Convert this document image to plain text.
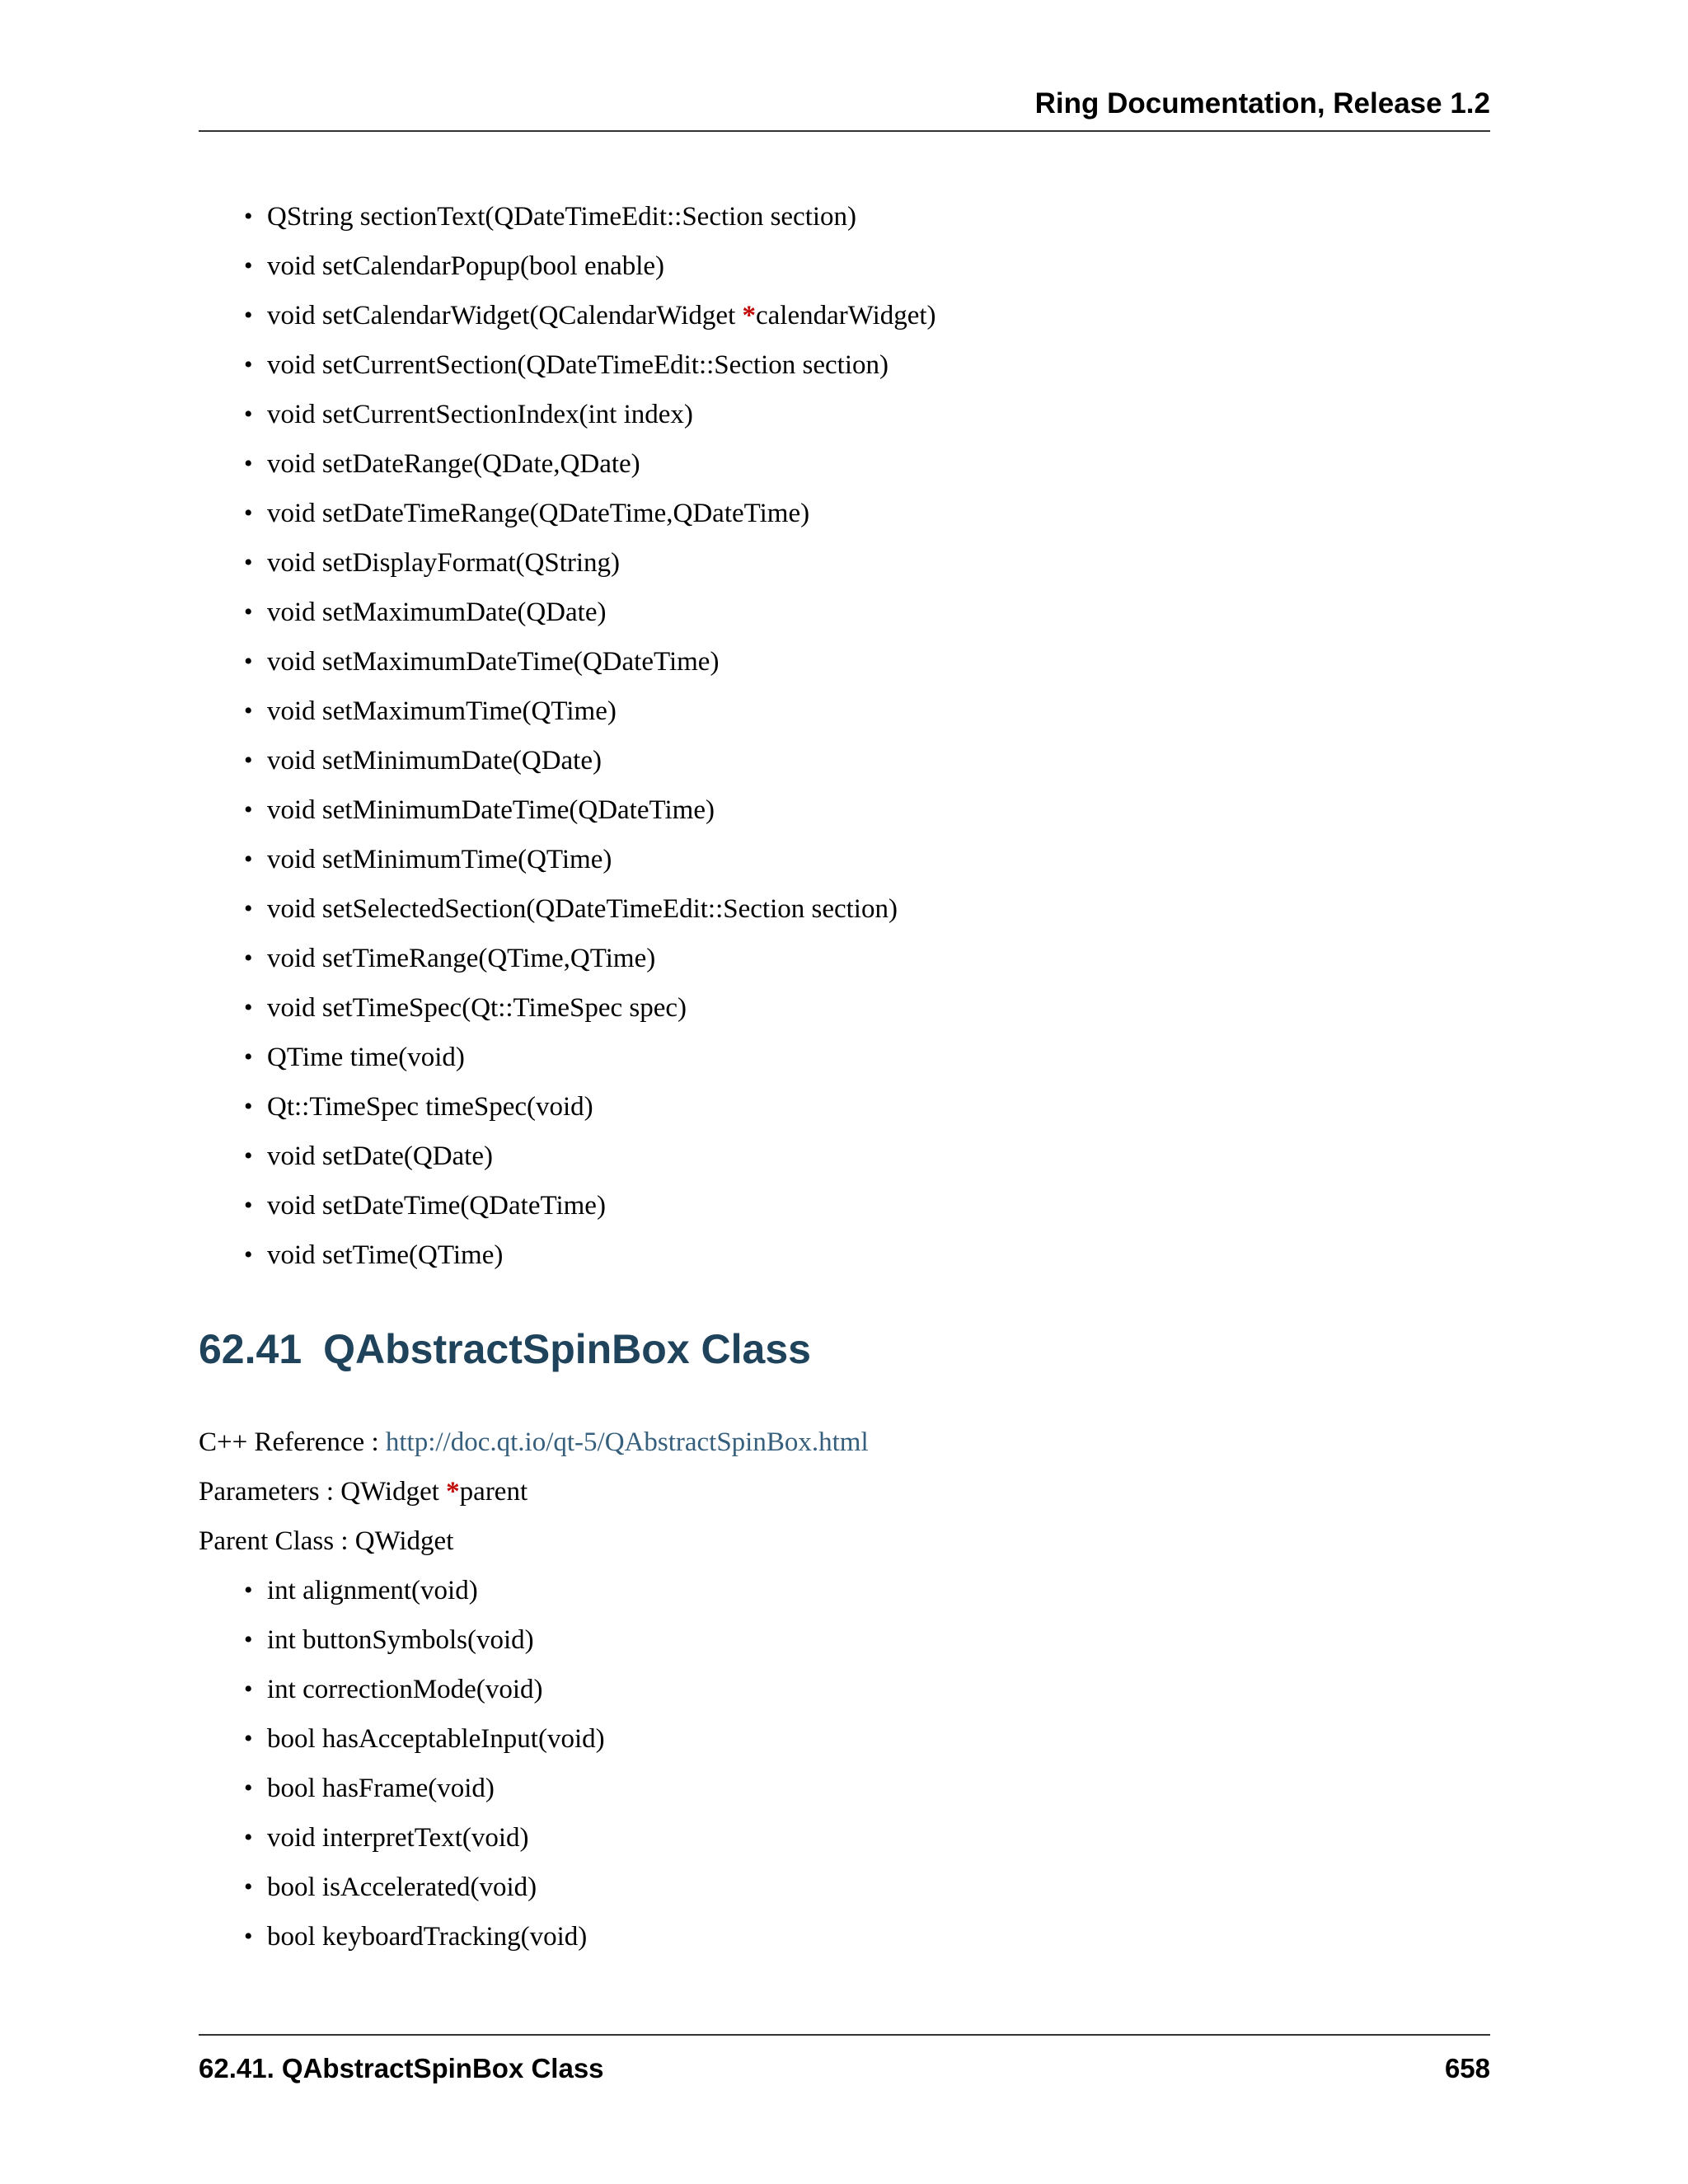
Ring Documentation, Release 1.2
• QString sectionText(QDateTimeEdit::Section section)
• void setCalendarPopup(bool enable)
• void setCalendarWidget(QCalendarWidget *calendarWidget)
• void setCurrentSection(QDateTimeEdit::Section section)
• void setCurrentSectionIndex(int index)
• void setDateRange(QDate,QDate)
• void setDateTimeRange(QDateTime,QDateTime)
• void setDisplayFormat(QString)
• void setMaximumDate(QDate)
• void setMaximumDateTime(QDateTime)
• void setMaximumTime(QTime)
• void setMinimumDate(QDate)
• void setMinimumDateTime(QDateTime)
• void setMinimumTime(QTime)
• void setSelectedSection(QDateTimeEdit::Section section)
• void setTimeRange(QTime,QTime)
• void setTimeSpec(Qt::TimeSpec spec)
• QTime time(void)
• Qt::TimeSpec timeSpec(void)
• void setDate(QDate)
• void setDateTime(QDateTime)
• void setTime(QTime)
62.41 QAbstractSpinBox Class
C++ Reference : http://doc.qt.io/qt-5/QAbstractSpinBox.html
Parameters : QWidget *parent
Parent Class : QWidget
• int alignment(void)
• int buttonSymbols(void)
• int correctionMode(void)
• bool hasAcceptableInput(void)
• bool hasFrame(void)
• void interpretText(void)
• bool isAccelerated(void)
• bool keyboardTracking(void)
62.41. QAbstractSpinBox Class	658
